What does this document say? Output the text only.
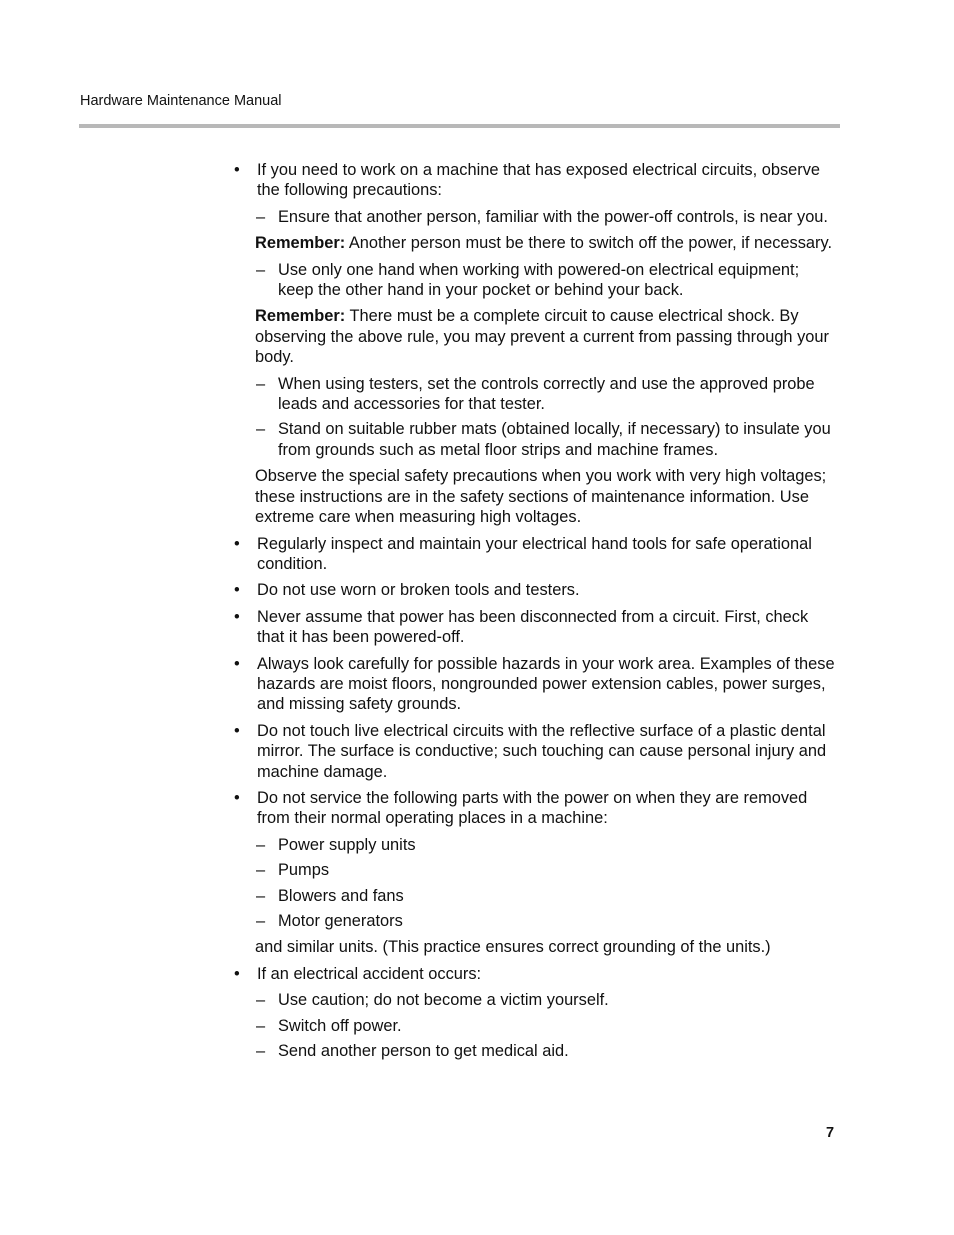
Hardware Maintenance Manual
• If you need to work on a machine that has exposed electrical circuits, observe the following precautions:
– Ensure that another person, familiar with the power-off controls, is near you.
Remember: Another person must be there to switch off the power, if necessary.
– Use only one hand when working with powered-on electrical equipment; keep the other hand in your pocket or behind your back.
Remember: There must be a complete circuit to cause electrical shock. By observing the above rule, you may prevent a current from passing through your body.
– When using testers, set the controls correctly and use the approved probe leads and accessories for that tester.
– Stand on suitable rubber mats (obtained locally, if necessary) to insulate you from grounds such as metal floor strips and machine frames.
Observe the special safety precautions when you work with very high voltages; these instructions are in the safety sections of maintenance information. Use extreme care when measuring high voltages.
• Regularly inspect and maintain your electrical hand tools for safe operational condition.
• Do not use worn or broken tools and testers.
• Never assume that power has been disconnected from a circuit. First, check that it has been powered-off.
• Always look carefully for possible hazards in your work area. Examples of these hazards are moist floors, nongrounded power extension cables, power surges, and missing safety grounds.
• Do not touch live electrical circuits with the reflective surface of a plastic dental mirror. The surface is conductive; such touching can cause personal injury and machine damage.
• Do not service the following parts with the power on when they are removed from their normal operating places in a machine:
– Power supply units
– Pumps
– Blowers and fans
– Motor generators
and similar units. (This practice ensures correct grounding of the units.)
• If an electrical accident occurs:
– Use caution; do not become a victim yourself.
– Switch off power.
– Send another person to get medical aid.
7
